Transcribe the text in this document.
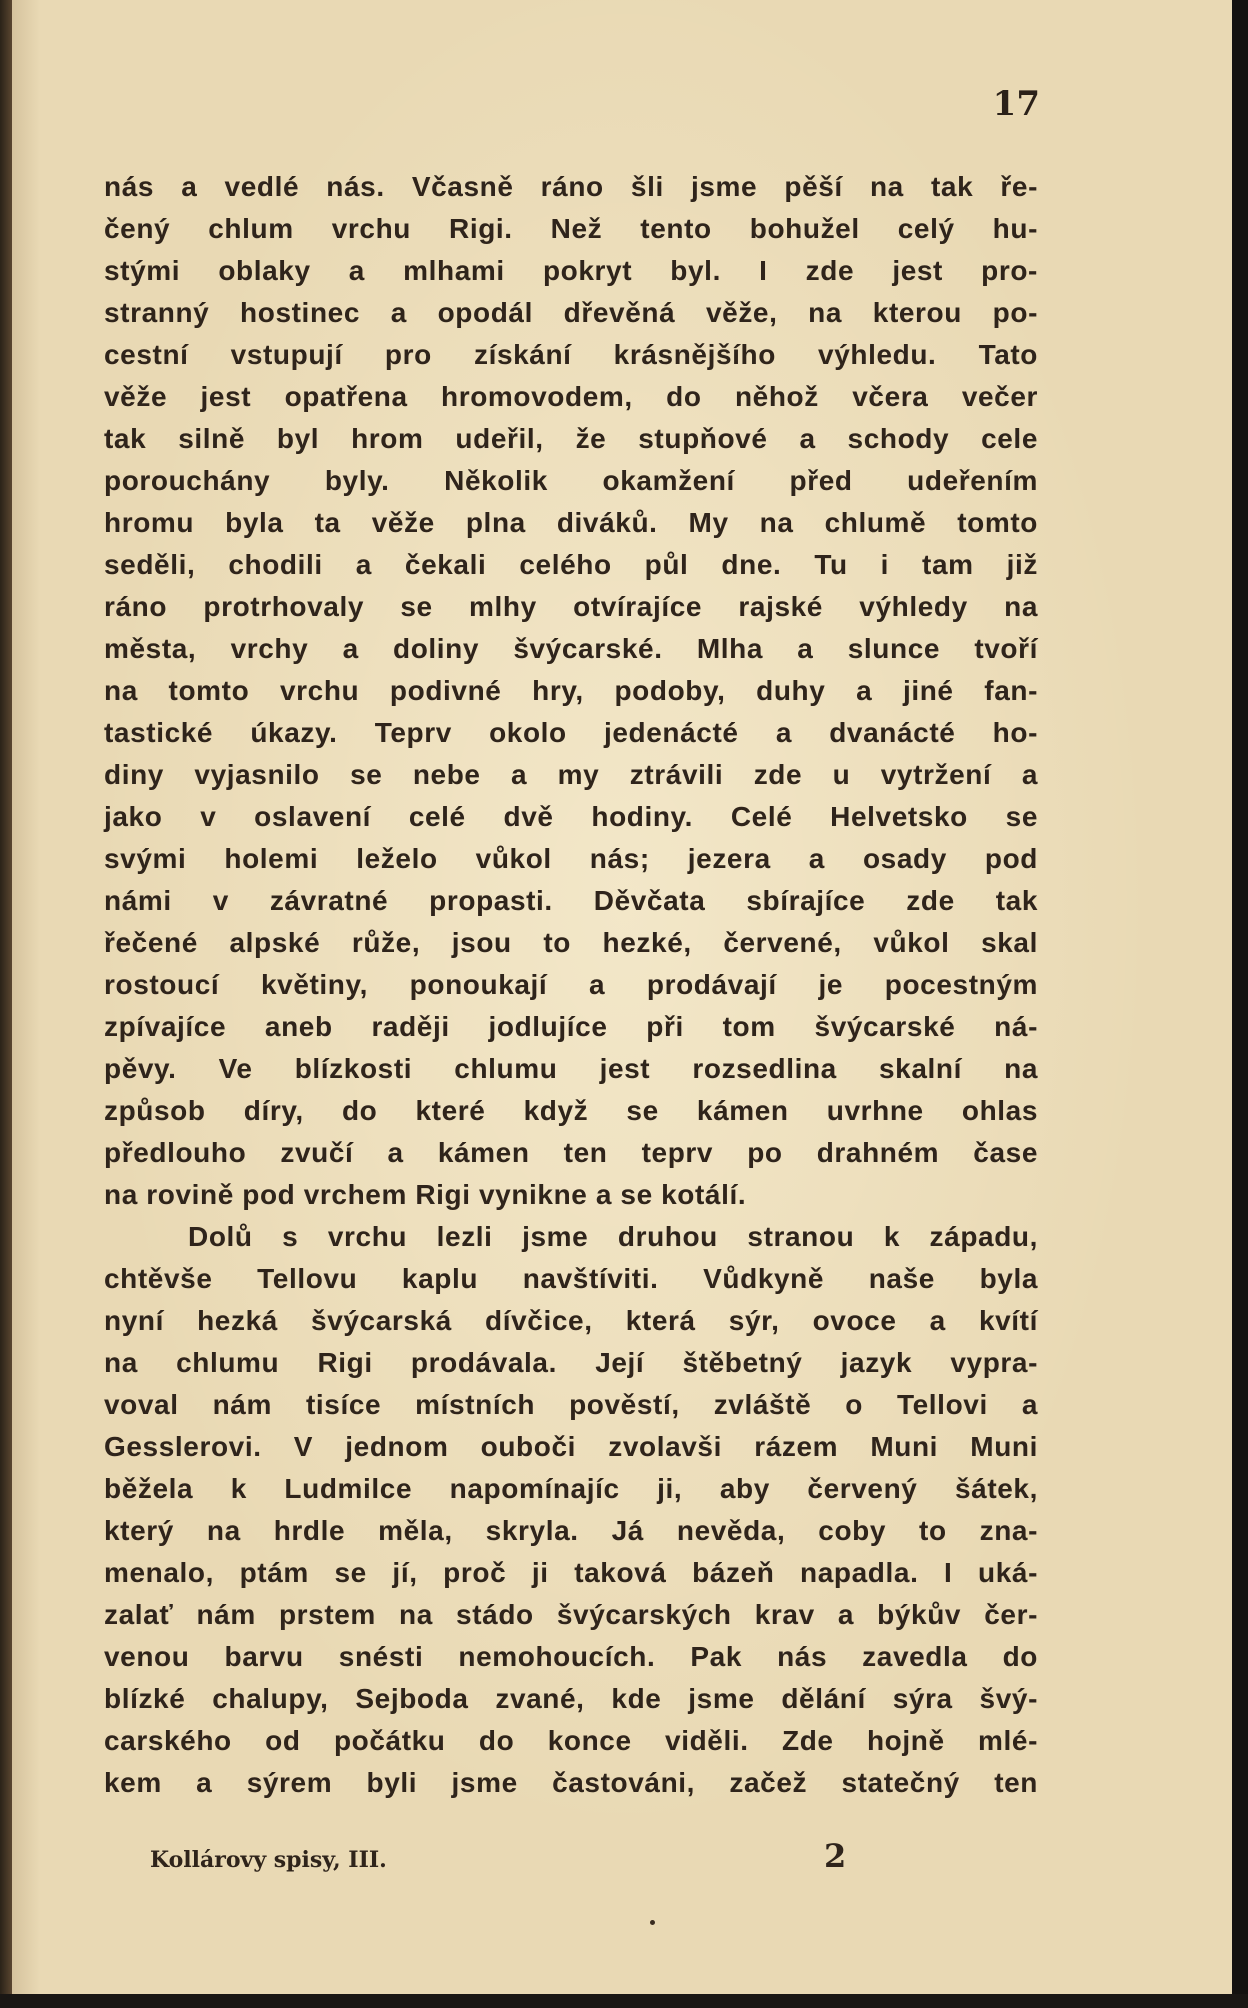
17
nás a vedlé nás. Včasně ráno šli jsme pěší na tak ře-
čený chlum vrchu Rigi. Než tento bohužel celý hu-
stými oblaky a mlhami pokryt byl. I zde jest pro-
stranný hostinec a opodál dřevěná věže, na kterou po-
cestní vstupují pro získání krásnějšího výhledu. Tato
věže jest opatřena hromovodem, do něhož včera večer
tak silně byl hrom udeřil, že stupňové a schody cele
porouchány byly. Několik okamžení před udeřením
hromu byla ta věže plna diváků. My na chlumě tomto
seděli, chodili a čekali celého půl dne. Tu i tam již
ráno protrhovaly se mlhy otvírajíce rajské výhledy na
města, vrchy a doliny švýcarské. Mlha a slunce tvoří
na tomto vrchu podivné hry, podoby, duhy a jiné fan-
tastické úkazy. Teprv okolo jedenácté a dvanácté ho-
diny vyjasnilo se nebe a my ztrávili zde u vytržení a
jako v oslavení celé dvě hodiny. Celé Helvetsko se
svými holemi leželo vůkol nás; jezera a osady pod
námi v závratné propasti. Děvčata sbírajíce zde tak
řečené alpské růže, jsou to hezké, červené, vůkol skal
rostoucí květiny, ponoukají a prodávají je pocestným
zpívajíce aneb raději jodlujíce při tom švýcarské ná-
pěvy. Ve blízkosti chlumu jest rozsedlina skalní na
způsob díry, do které když se kámen uvrhne ohlas
předlouho zvučí a kámen ten teprv po drahném čase
na rovině pod vrchem Rigi vynikne a se kotálí.
Dolů s vrchu lezli jsme druhou stranou k západu,
chtěvše Tellovu kaplu navštíviti. Vůdkyně naše byla
nyní hezká švýcarská dívčice, která sýr, ovoce a kvítí
na chlumu Rigi prodávala. Její štěbetný jazyk vypra-
voval nám tisíce místních pověstí, zvláště o Tellovi a
Gesslerovi. V jednom ouboči zvolavši rázem Muni Muni
běžela k Ludmilce napomínajíc ji, aby červený šátek,
který na hrdle měla, skryla. Já nevěda, coby to zna-
menalo, ptám se jí, proč ji taková bázeň napadla. I uká-
zalať nám prstem na stádo švýcarských krav a býkův čer-
venou barvu snésti nemohoucích. Pak nás zavedla do
blízké chalupy, Sejboda zvané, kde jsme dělání sýra švý-
carského od počátku do konce viděli. Zde hojně mlé-
kem a sýrem byli jsme častováni, začež statečný ten
Kollárovy spisy, III.	2
